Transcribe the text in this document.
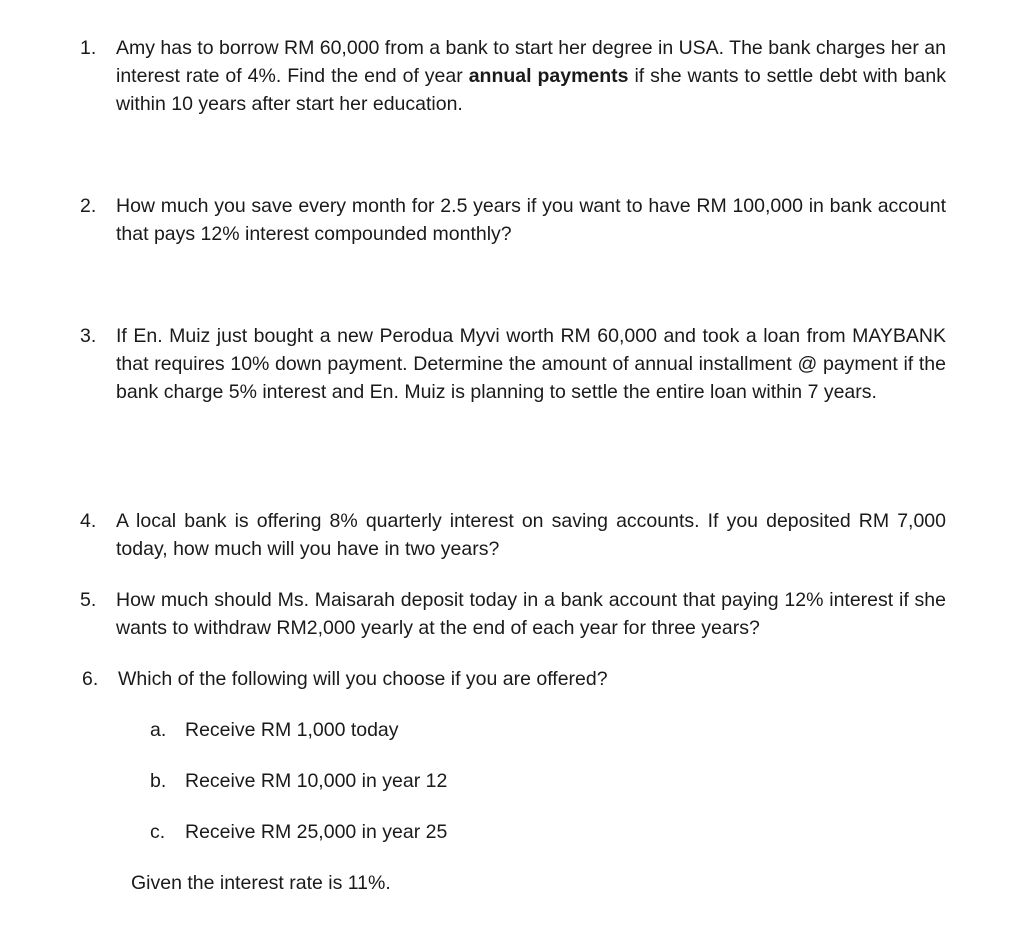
1.	Amy has to borrow RM 60,000 from a bank to start her degree in USA. The bank charges her an interest rate of 4%. Find the end of year annual payments if she wants to settle debt with bank within 10 years after start her education.
2.	How much you save every month for 2.5 years if you want to have RM 100,000 in bank account that pays 12% interest compounded monthly?
3.	If En. Muiz just bought a new Perodua Myvi worth RM 60,000 and took a loan from MAYBANK that requires 10% down payment. Determine the amount of annual installment @ payment if the bank charge 5% interest and En. Muiz is planning to settle the entire loan within 7 years.
4.	A local bank is offering 8% quarterly interest on saving accounts. If you deposited RM 7,000 today, how much will you have in two years?
5.	How much should Ms. Maisarah deposit today in a bank account that paying 12% interest if she wants to withdraw RM2,000 yearly at the end of each year for three years?
6.	Which of the following will you choose if you are offered?
a. Receive RM 1,000 today
b. Receive RM 10,000 in year 12
c.	Receive RM 25,000 in year 25
Given the interest rate is 11%.
